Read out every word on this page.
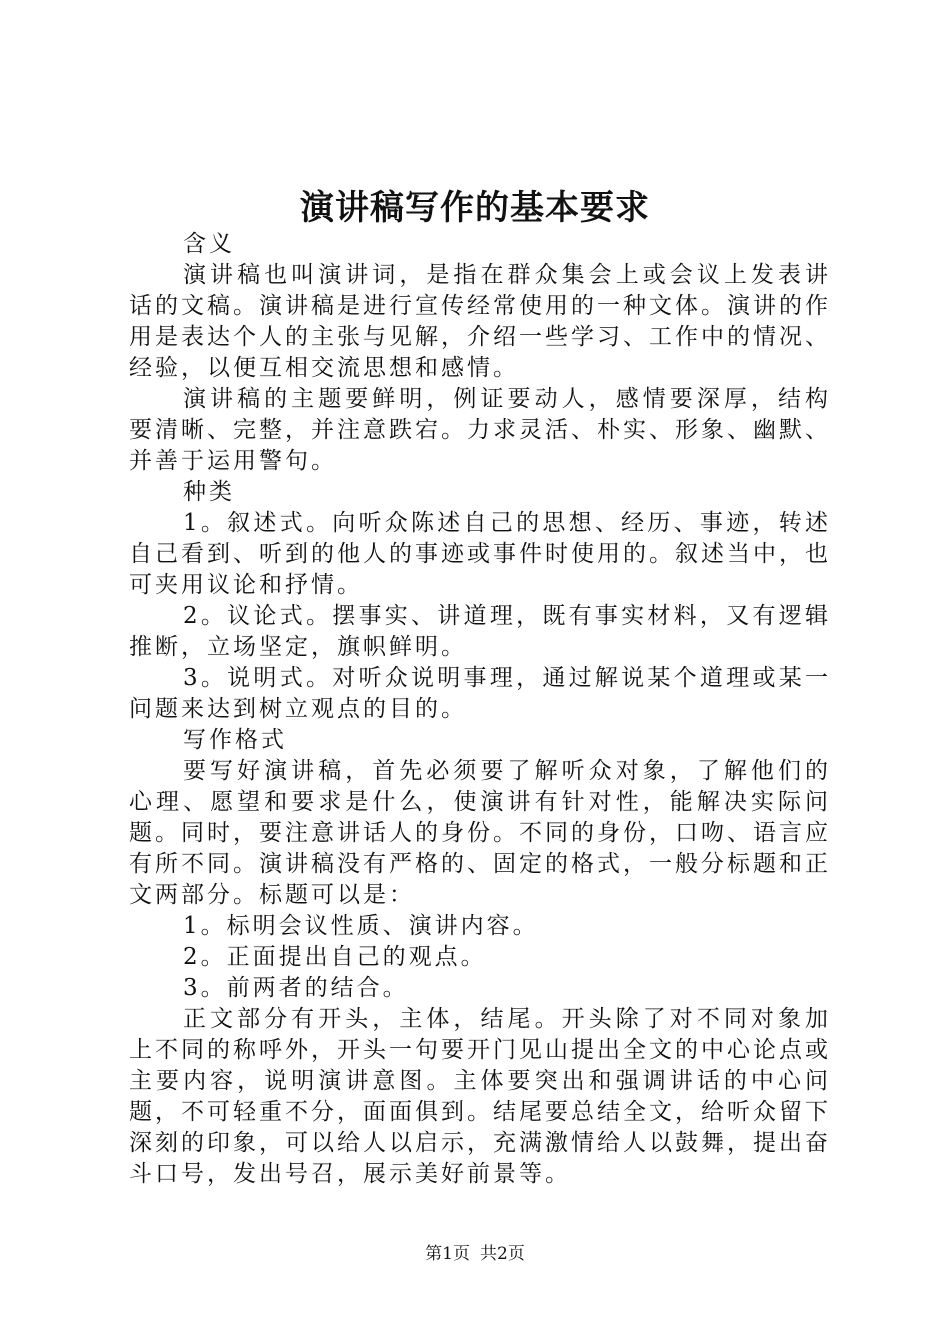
演讲稿写作的基本要求

含义

演讲稿也叫演讲词，是指在群众集会上或会议上发表讲话的文稿。演讲稿是进行宣传经常使用的一种文体。演讲的作用是表达个人的主张与见解，介绍一些学习、工作中的情况、经验，以便互相交流思想和感情。

演讲稿的主题要鲜明，例证要动人，感情要深厚，结构要清晰、完整，并注意跌宕。力求灵活、朴实、形象、幽默、并善于运用警句。

种类

1。叙述式。向听众陈述自己的思想、经历、事迹，转述自己看到、听到的他人的事迹或事件时使用的。叙述当中，也可夹用议论和抒情。

2。议论式。摆事实、讲道理，既有事实材料，又有逻辑推断，立场坚定，旗帜鲜明。

3。说明式。对听众说明事理，通过解说某个道理或某一问题来达到树立观点的目的。

写作格式

要写好演讲稿，首先必须要了解听众对象，了解他们的心理、愿望和要求是什么，使演讲有针对性，能解决实际问题。同时，要注意讲话人的身份。不同的身份，口吻、语言应有所不同。演讲稿没有严格的、固定的格式，一般分标题和正文两部分。标题可以是：

1。标明会议性质、演讲内容。

2。正面提出自己的观点。

3。前两者的结合。

正文部分有开头，主体，结尾。开头除了对不同对象加上不同的称呼外，开头一句要开门见山提出全文的中心论点或主要内容，说明演讲意图。主体要突出和强调讲话的中心问题，不可轻重不分，面面俱到。结尾要总结全文，给听众留下深刻的印象，可以给人以启示，充满激情给人以鼓舞，提出奋斗口号，发出号召，展示美好前景等。

第1页 共2页
